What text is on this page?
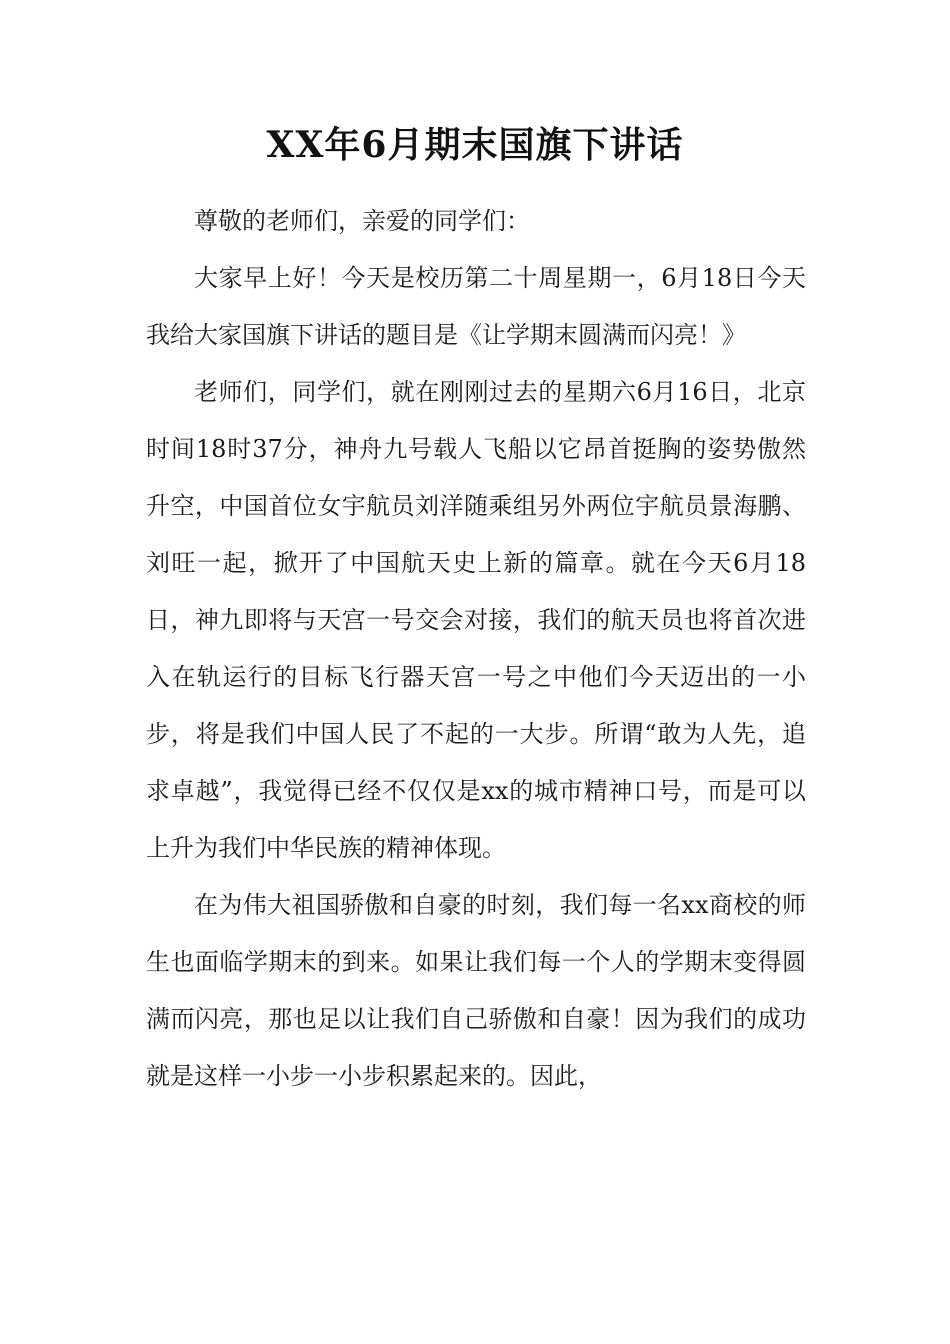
XX年6月期末国旗下讲话

尊敬的老师们，亲爱的同学们：

大家早上好！今天是校历第二十周星期一，6月18日今天我给大家国旗下讲话的题目是《让学期末圆满而闪亮！》

老师们，同学们，就在刚刚过去的星期六6月16日，北京时间18时37分，神舟九号载人飞船以它昂首挺胸的姿势傲然升空，中国首位女宇航员刘洋随乘组另外两位宇航员景海鹏、刘旺一起，掀开了中国航天史上新的篇章。就在今天6月18日，神九即将与天宫一号交会对接，我们的航天员也将首次进入在轨运行的目标飞行器天宫一号之中他们今天迈出的一小步，将是我们中国人民了不起的一大步。所谓“敢为人先，追求卓越”，我觉得已经不仅仅是xx的城市精神口号，而是可以上升为我们中华民族的精神体现。

在为伟大祖国骄傲和自豪的时刻，我们每一名xx商校的师生也面临学期末的到来。如果让我们每一个人的学期末变得圆满而闪亮，那也足以让我们自己骄傲和自豪！因为我们的成功就是这样一小步一小步积累起来的。因此，
